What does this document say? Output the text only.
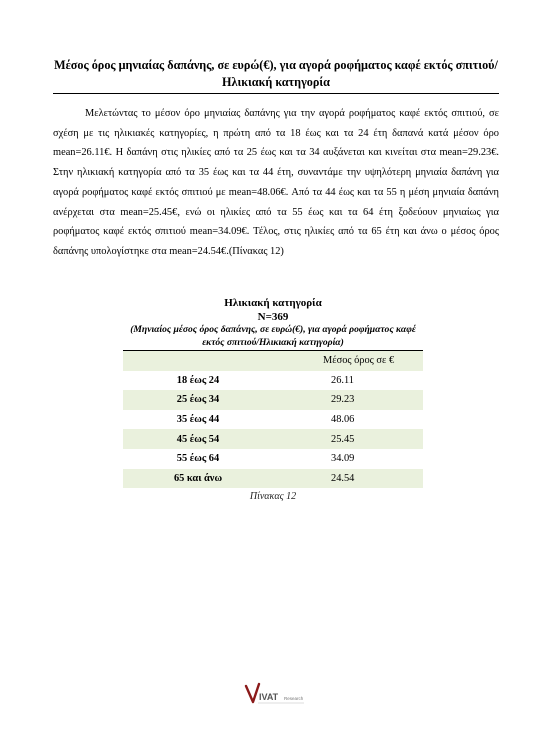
Μέσος όρος μηνιαίας δαπάνης, σε ευρώ(€), για αγορά ροφήματος καφέ εκτός σπιτιού/Ηλικιακή κατηγορία

Μελετώντας το μέσον όρο μηνιαίας δαπάνης για την αγορά ροφήματος καφέ εκτός σπιτιού, σε σχέση με τις ηλικιακές κατηγορίες, η πρώτη από τα 18 έως και τα 24 έτη δαπανά κατά μέσον όρο mean=26.11€. Η δαπάνη στις ηλικίες από τα 25 έως και τα 34 αυξάνεται και κινείται στα mean=29.23€. Στην ηλικιακή κατηγορία από τα 35 έως και τα 44 έτη, συναντάμε την υψηλότερη μηνιαία δαπάνη για αγορά ροφήματος καφέ εκτός σπιτιού με mean=48.06€. Από τα 44 έως και τα 55 η μέση μηνιαία δαπάνη ανέρχεται στα mean=25.45€, ενώ οι ηλικίες από τα 55 έως και τα 64 έτη ξοδεύουν μηνιαίως για ροφήματος καφέ εκτός σπιτιού mean=34.09€. Τέλος, στις ηλικίες από τα 65 έτη και άνω ο μέσος όρος δαπάνης υπολογίστηκε στα mean=24.54€.(Πίνακας 12)

Ηλικιακή κατηγορία
N=369
(Μηνιαίος μέσος όρος δαπάνης, σε ευρώ(€), για αγορά ροφήματος καφέ εκτός σπιτιού/Ηλικιακή κατηγορία)
	Μέσος όρος σε €
18 έως 24	26.11
25 έως 34	29.23
35 έως 44	48.06
45 έως 54	25.45
55 έως 64	34.09
65 και άνω	24.54
Πίνακας 12
IVAT Research
